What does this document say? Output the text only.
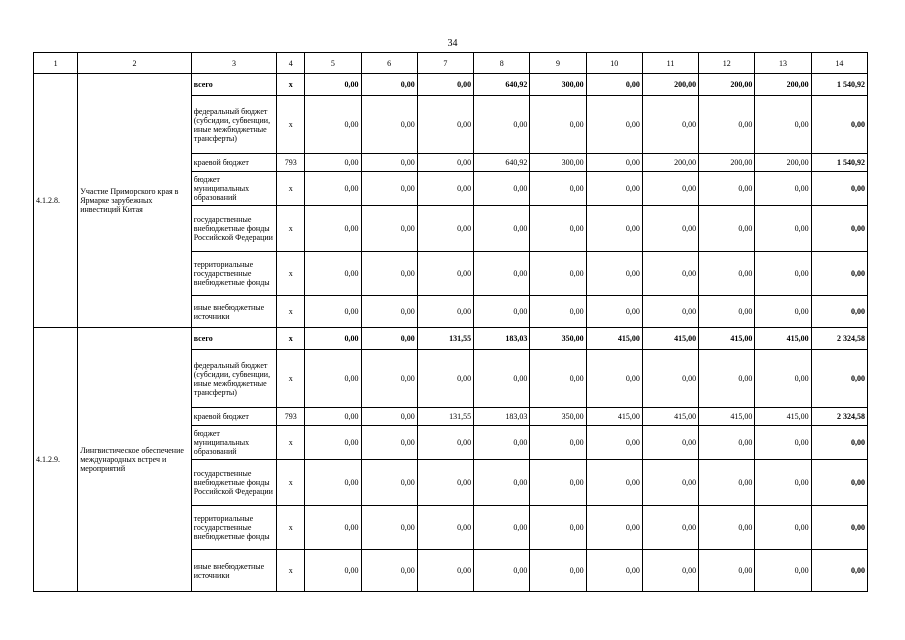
34
1	2	3	4	5	6	7	8	9	10	11	12	13	14
4.1.2.8.	Участие Приморского края в Ярмарке зарубежных инвестиций Китая	всего	х	0,00	0,00	0,00	640,92	300,00	0,00	200,00	200,00	200,00	1 540,92
		федеральный бюджет (субсидии, субвенции, иные межбюджетные трансферты)	х	0,00	0,00	0,00	0,00	0,00	0,00	0,00	0,00	0,00	0,00
		краевой бюджет	793	0,00	0,00	0,00	640,92	300,00	0,00	200,00	200,00	200,00	1 540,92
		бюджет муниципальных образований	х	0,00	0,00	0,00	0,00	0,00	0,00	0,00	0,00	0,00	0,00
		государственные внебюджетные фонды Российской Федерации	х	0,00	0,00	0,00	0,00	0,00	0,00	0,00	0,00	0,00	0,00
		территориальные государственные внебюджетные фонды	х	0,00	0,00	0,00	0,00	0,00	0,00	0,00	0,00	0,00	0,00
		иные внебюджетные источники	х	0,00	0,00	0,00	0,00	0,00	0,00	0,00	0,00	0,00	0,00
4.1.2.9.	Лингвистическое обеспечение международных встреч и мероприятий	всего	х	0,00	0,00	131,55	183,03	350,00	415,00	415,00	415,00	415,00	2 324,58
		федеральный бюджет (субсидии, субвенции, иные межбюджетные трансферты)	х	0,00	0,00	0,00	0,00	0,00	0,00	0,00	0,00	0,00	0,00
		краевой бюджет	793	0,00	0,00	131,55	183,03	350,00	415,00	415,00	415,00	415,00	2 324,58
		бюджет муниципальных образований	х	0,00	0,00	0,00	0,00	0,00	0,00	0,00	0,00	0,00	0,00
		государственные внебюджетные фонды Российской Федерации	х	0,00	0,00	0,00	0,00	0,00	0,00	0,00	0,00	0,00	0,00
		территориальные государственные внебюджетные фонды	х	0,00	0,00	0,00	0,00	0,00	0,00	0,00	0,00	0,00	0,00
		иные внебюджетные источники	х	0,00	0,00	0,00	0,00	0,00	0,00	0,00	0,00	0,00	0,00
